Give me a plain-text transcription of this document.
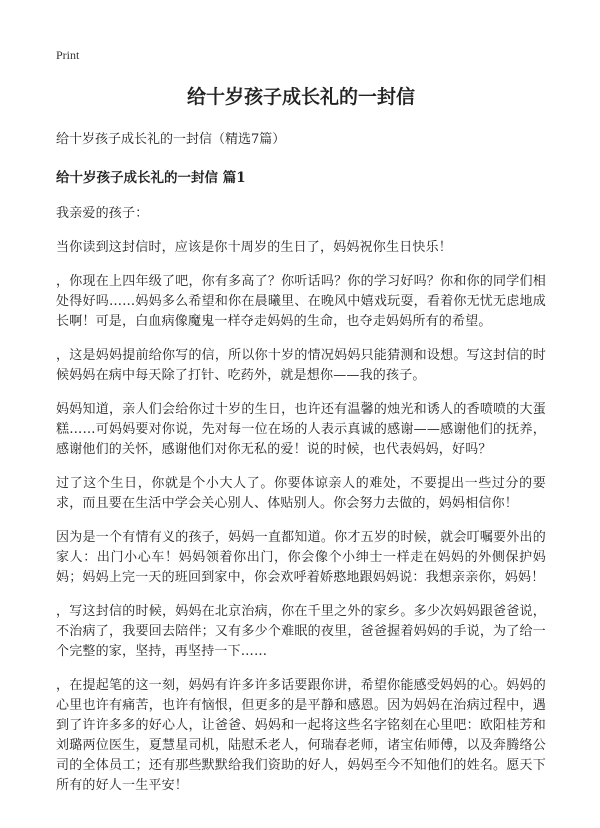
Print
给十岁孩子成长礼的一封信
给十岁孩子成长礼的一封信（精选7篇）
给十岁孩子成长礼的一封信 篇1

我亲爱的孩子：

当你读到这封信时，应该是你十周岁的生日了，妈妈祝你生日快乐！

，你现在上四年级了吧，你有多高了？你听话吗？你的学习好吗？你和你的同学们相处得好吗……妈妈多么希望和你在晨曦里、在晚风中嬉戏玩耍，看着你无忧无虑地成长啊！可是，白血病像魔鬼一样夺走妈妈的生命，也夺走妈妈所有的希望。

，这是妈妈提前给你写的信，所以你十岁的情况妈妈只能猜测和设想。写这封信的时候妈妈在病中每天除了打针、吃药外，就是想你——我的孩子。

妈妈知道，亲人们会给你过十岁的生日，也许还有温馨的烛光和诱人的香喷喷的大蛋糕……可妈妈要对你说，先对每一位在场的人表示真诚的感谢——感谢他们的抚养，感谢他们的关怀，感谢他们对你无私的爱！说的时候，也代表妈妈，好吗？

过了这个生日，你就是个小大人了。你要体谅亲人的难处，不要提出一些过分的要求，而且要在生活中学会关心别人、体贴别人。你会努力去做的，妈妈相信你！

因为是一个有情有义的孩子，妈妈一直都知道。你才五岁的时候，就会叮嘱要外出的家人：出门小心车！妈妈领着你出门，你会像个小绅士一样走在妈妈的外侧保护妈妈；妈妈上完一天的班回到家中，你会欢呼着娇憨地跟妈妈说：我想亲亲你，妈妈！

，写这封信的时候，妈妈在北京治病，你在千里之外的家乡。多少次妈妈跟爸爸说，不治病了，我要回去陪伴；又有多少个难眠的夜里，爸爸握着妈妈的手说，为了给一个完整的家，坚持，再坚持一下……

，在提起笔的这一刻，妈妈有许多许多话要跟你讲，希望你能感受妈妈的心。妈妈的心里也许有痛苦，也许有恼恨，但更多的是平静和感恩。因为妈妈在治病过程中，遇到了许许多多的好心人，让爸爸、妈妈和一起将这些名字铭刻在心里吧：欧阳桂芳和刘璐两位医生，夏慧星司机，陆慰禾老人，何瑞春老师，诸宝佑师傅，以及奔腾络公司的全体员工；还有那些默默给我们资助的好人，妈妈至今不知他们的姓名。愿天下所有的好人一生平安！
